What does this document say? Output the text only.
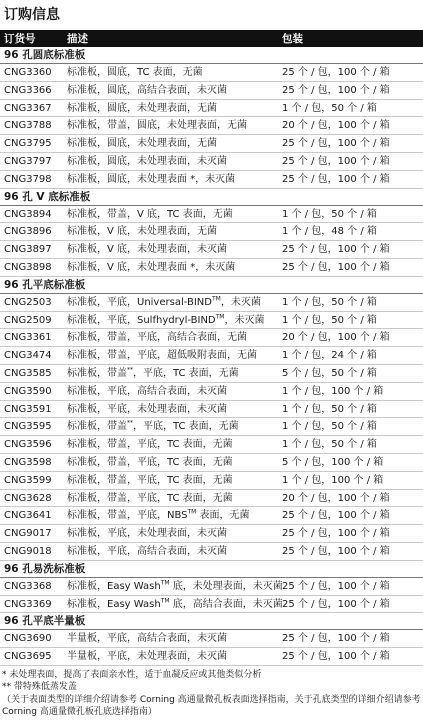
订购信息
订货号	描述	包装
96 孔圆底标准板
CNG3360 标准板，圆底，TC 表面，无菌	25 个 / 包，100 个 / 箱
CNG3366 标准板，圆底，高结合表面，未灭菌	25 个 / 包，100 个 / 箱
CNG3367 标准板，圆底，未处理表面，无菌	1 个 / 包，50 个 / 箱
CNG3788 标准板，带盖，圆底，未处理表面，无菌	20 个 / 包，100 个 / 箱
CNG3795 标准板，圆底，未处理表面，无菌	25 个 / 包，100 个 / 箱
CNG3797 标准板，圆底，未处理表面，未灭菌	25 个 / 包，100 个 / 箱
CNG3798 标准板，圆底，未处理表面 *，未灭菌	25 个 / 包，100 个 / 箱
96 孔 V 底标准板
CNG3894 标准板，带盖，V 底，TC 表面，无菌	1 个 / 包，50 个 / 箱
CNG3896 标准板，V 底，未处理表面，无菌	1 个 / 包，48 个 / 箱
CNG3897 标准板，V 底，未处理表面，未灭菌	25 个 / 包，100 个 / 箱
CNG3898 标准板，V 底，未处理表面 *，未灭菌	25 个 / 包，100 个 / 箱
96 孔平底标准板
CNG2503 标准板，平底，Universal-BIND™，未灭菌 1 个 / 包，50 个 / 箱
CNG2509 标准板，平底，Sulfhydryl-BIND™，未灭菌 1 个 / 包，50 个 / 箱
CNG3361 标准板，带盖，平底，高结合表面，无菌	20 个 / 包，100 个 / 箱
CNG3474 标准板，带盖，平底，超低吸附表面，无菌	1 个 / 包，24 个 / 箱
CNG3585 标准板，带盖**，平底，TC 表面，无菌	5 个 / 包，50 个 / 箱
CNG3590 标准板，平底，高结合表面，未灭菌	1 个 / 包，100 个 / 箱
CNG3591 标准板，平底，未处理表面，未灭菌	1 个 / 包，50 个 / 箱
CNG3595 标准板，带盖**，平底，TC 表面，无菌	1 个 / 包，50 个 / 箱
CNG3596 标准板，带盖，平底，TC 表面，无菌	1 个 / 包，50 个 / 箱
CNG3598 标准板，带盖，平底，TC 表面，无菌	5 个 / 包，100 个 / 箱
CNG3599 标准板，带盖，平底，TC 表面，无菌	1 个 / 包，100 个 / 箱
CNG3628 标准板，带盖，平底，TC 表面，无菌	20 个 / 包，100 个 / 箱
CNG3641 标准板，带盖，平底，NBS™ 表面，无菌	25 个 / 包，100 个 / 箱
CNG9017 标准板，平底，未处理表面，未灭菌	25 个 / 包，100 个 / 箱
CNG9018 标准板，平底，高结合表面，未灭菌	25 个 / 包，100 个 / 箱
96 孔易洗标准板
CNG3368 标准板，Easy Wash™ 底，未处理表面，未灭菌 25 个 / 包，100 个 / 箱
CNG3369 标准板，Easy Wash™ 底，高结合表面，未灭菌 25 个 / 包，100 个 / 箱
96 孔平底半量板
CNG3690 半量板，平底，高结合表面，未灭菌	25 个 / 包，100 个 / 箱
CNG3695 半量板，平底，未处理表面，未灭菌	25 个 / 包，100 个 / 箱
* 未处理表面，提高了表面亲水性，适于血凝反应或其他类似分析
** 带特殊低蒸发盖
（关于表面类型的详细介绍请参考 Corning 高通量微孔板表面选择指南，关于孔底类型的详细介绍请参考 Corning 高通量微孔板孔底选择指南）
